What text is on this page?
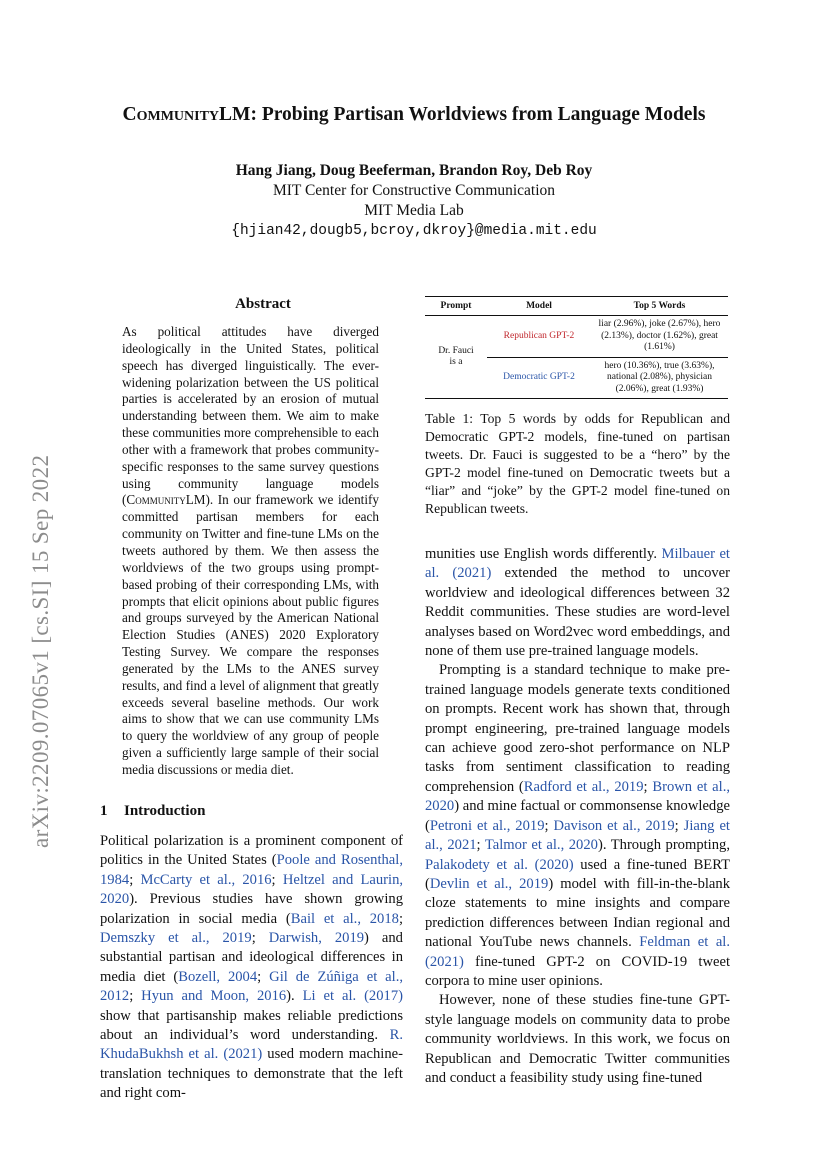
CommunityLM: Probing Partisan Worldviews from Language Models
Hang Jiang, Doug Beeferman, Brandon Roy, Deb Roy
MIT Center for Constructive Communication
MIT Media Lab
{hjian42,dougb5,bcroy,dkroy}@media.mit.edu
arXiv:2209.07065v1 [cs.SI] 15 Sep 2022
Abstract
As political attitudes have diverged ideologically in the United States, political speech has diverged linguistically. The ever-widening polarization between the US political parties is accelerated by an erosion of mutual understanding between them. We aim to make these communities more comprehensible to each other with a framework that probes community-specific responses to the same survey questions using community language models (CommunityLM). In our framework we identify committed partisan members for each community on Twitter and fine-tune LMs on the tweets authored by them. We then assess the worldviews of the two groups using prompt-based probing of their corresponding LMs, with prompts that elicit opinions about public figures and groups surveyed by the American National Election Studies (ANES) 2020 Exploratory Testing Survey. We compare the responses generated by the LMs to the ANES survey results, and find a level of alignment that greatly exceeds several baseline methods. Our work aims to show that we can use community LMs to query the worldview of any group of people given a sufficiently large sample of their social media discussions or media diet.
1 Introduction

Political polarization is a prominent component of politics in the United States (Poole and Rosenthal, 1984; McCarty et al., 2016; Heltzel and Laurin, 2020). Previous studies have shown growing polarization in social media (Bail et al., 2018; Demszky et al., 2019; Darwish, 2019) and substantial partisan and ideological differences in media diet (Bozell, 2004; Gil de Zúñiga et al., 2012; Hyun and Moon, 2016). Li et al. (2017) show that partisanship makes reliable predictions about an individual’s word understanding. R. KhudaBukhsh et al. (2021) used modern machine-translation techniques to demonstrate that the left and right com-

Prompt	Model	Top 5 Words
Dr. Fauci is a	Republican GPT-2	liar (2.96%), joke (2.67%), hero (2.13%), doctor (1.62%), great (1.61%)
	Democratic GPT-2	hero (10.36%), true (3.63%), national (2.08%), physician (2.06%), great (1.93%)
Table 1: Top 5 words by odds for Republican and Democratic GPT-2 models, fine-tuned on partisan tweets. Dr. Fauci is suggested to be a “hero” by the GPT-2 model fine-tuned on Democratic tweets but a “liar” and “joke” by the GPT-2 model fine-tuned on Republican tweets.

munities use English words differently. Milbauer et al. (2021) extended the method to uncover worldview and ideological differences between 32 Reddit communities. These studies are word-level analyses based on Word2vec word embeddings, and none of them use pre-trained language models.

Prompting is a standard technique to make pre-trained language models generate texts conditioned on prompts. Recent work has shown that, through prompt engineering, pre-trained language models can achieve good zero-shot performance on NLP tasks from sentiment classification to reading comprehension (Radford et al., 2019; Brown et al., 2020) and mine factual or commonsense knowledge (Petroni et al., 2019; Davison et al., 2019; Jiang et al., 2021; Talmor et al., 2020). Through prompting, Palakodety et al. (2020) used a fine-tuned BERT (Devlin et al., 2019) model with fill-in-the-blank cloze statements to mine insights and compare prediction differences between Indian regional and national YouTube news channels. Feldman et al. (2021) fine-tuned GPT-2 on COVID-19 tweet corpora to mine user opinions.

However, none of these studies fine-tune GPT-style language models on community data to probe community worldviews. In this work, we focus on Republican and Democratic Twitter communities and conduct a feasibility study using fine-tuned
